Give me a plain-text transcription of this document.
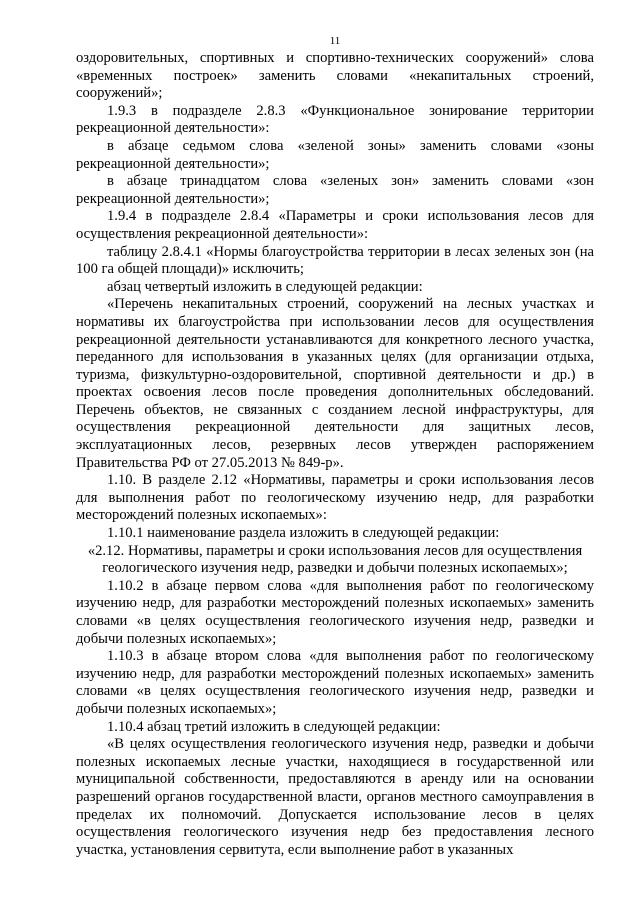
11

оздоровительных, спортивных и спортивно-технических сооружений» слова «временных построек» заменить словами «некапитальных строений, сооружений»;

1.9.3 в подразделе 2.8.3 «Функциональное зонирование территории рекреационной деятельности»:

в абзаце седьмом слова «зеленой зоны» заменить словами «зоны рекреационной деятельности»;

в абзаце тринадцатом слова «зеленых зон» заменить словами «зон рекреационной деятельности»;

1.9.4 в подразделе 2.8.4 «Параметры и сроки использования лесов для осуществления рекреационной деятельности»:

таблицу 2.8.4.1 «Нормы благоустройства территории в лесах зеленых зон (на 100 га общей площади)» исключить;

абзац четвертый изложить в следующей редакции:

«Перечень некапитальных строений, сооружений на лесных участках и нормативы их благоустройства при использовании лесов для осуществления рекреационной деятельности устанавливаются для конкретного лесного участка, переданного для использования в указанных целях (для организации отдыха, туризма, физкультурно-оздоровительной, спортивной деятельности и др.) в проектах освоения лесов после проведения дополнительных обследований. Перечень объектов, не связанных с созданием лесной инфраструктуры, для осуществления рекреационной деятельности для защитных лесов, эксплуатационных лесов, резервных лесов утвержден распоряжением Правительства РФ от 27.05.2013 № 849-р».

1.10. В разделе 2.12 «Нормативы, параметры и сроки использования лесов для выполнения работ по геологическому изучению недр, для разработки месторождений полезных ископаемых»:

1.10.1 наименование раздела изложить в следующей редакции:

«2.12. Нормативы, параметры и сроки использования лесов для осуществления геологического изучения недр, разведки и добычи полезных ископаемых»;

1.10.2 в абзаце первом слова «для выполнения работ по геологическому изучению недр, для разработки месторождений полезных ископаемых» заменить словами «в целях осуществления геологического изучения недр, разведки и добычи полезных ископаемых»;

1.10.3 в абзаце втором слова «для выполнения работ по геологическому изучению недр, для разработки месторождений полезных ископаемых» заменить словами «в целях осуществления геологического изучения недр, разведки и добычи полезных ископаемых»;

1.10.4 абзац третий изложить в следующей редакции:

«В целях осуществления геологического изучения недр, разведки и добычи полезных ископаемых лесные участки, находящиеся в государственной или муниципальной собственности, предоставляются в аренду или на основании разрешений органов государственной власти, органов местного самоуправления в пределах их полномочий. Допускается использование лесов в целях осуществления геологического изучения недр без предоставления лесного участка, установления сервитута, если выполнение работ в указанных
